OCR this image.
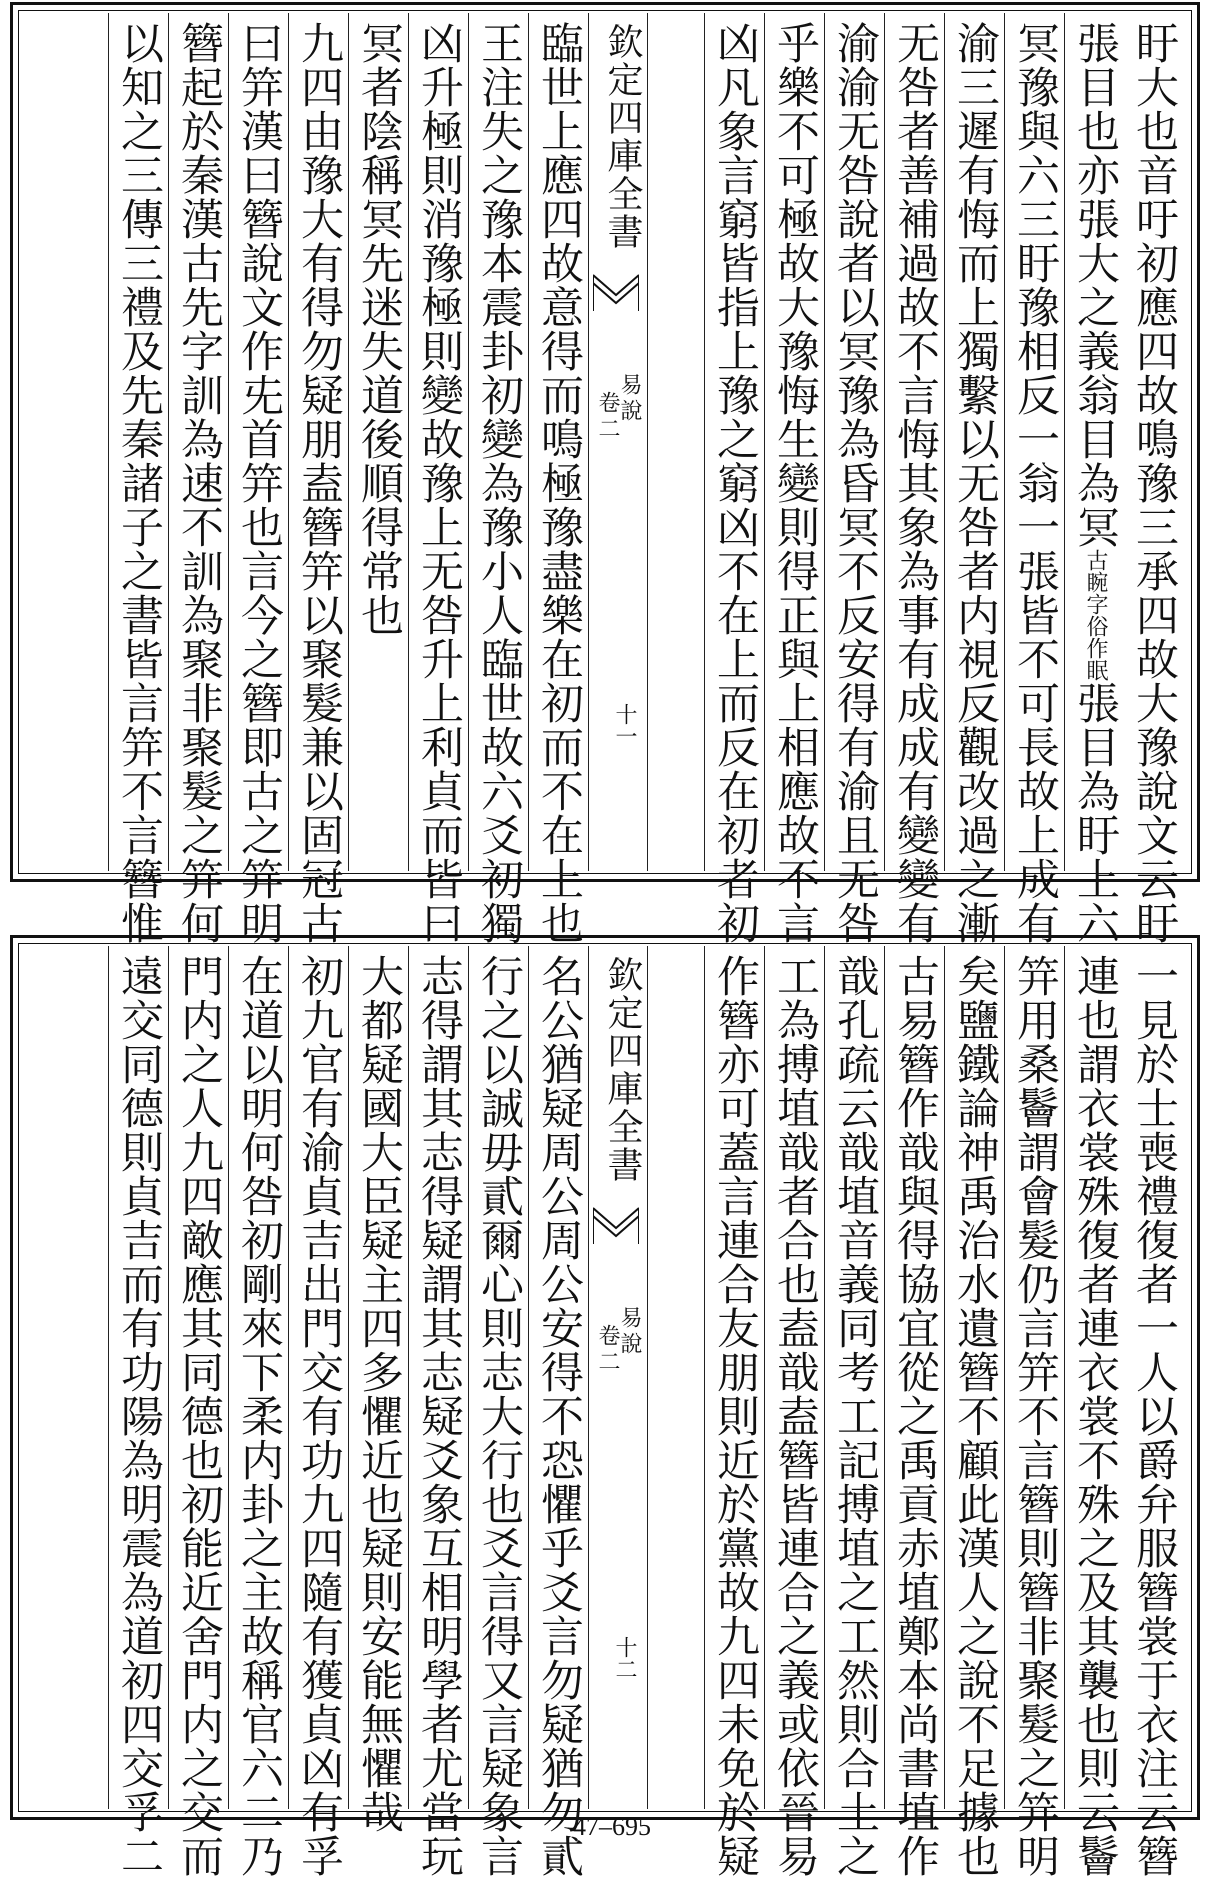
盱大也音吁初應四故鳴豫三承四故大豫說文云盱
張目也亦張大之義翁目為冥古睕字俗作眠張目為盱上六
冥豫與六三盱豫相反一翁一張皆不可長故上成有
渝三遲有悔而上獨繫以无咎者内視反觀改過之漸
无咎者善補過故不言悔其象為事有成成有變變有
渝渝无咎說者以冥豫為昏冥不反安得有渝且无咎
乎樂不可極故大豫悔生變則得正與上相應故不言
凶凡象言窮皆指上豫之窮凶不在上而反在初者初
欽定四庫全書
易說
卷二
十一
臨世上應四故意得而鳴極豫盡樂在初而不在上也
王注失之豫本震卦初變為豫小人臨世故六爻初獨
凶升極則消豫極則變故豫上无咎升上利貞而皆曰
冥者陰稱冥先迷失道後順得常也
九四由豫大有得勿疑朋盍簪笄以聚髮兼以固冠古
曰笄漢曰簪說文作兂首笄也言今之簪即古之笄明
簪起於秦漢古先字訓為速不訓為聚非聚髮之笄何
以知之三傳三禮及先秦諸子之書皆言笄不言簪惟
一見於士喪禮復者一人以爵弁服簪裳于衣注云簪
連也謂衣裳殊復者連衣裳不殊之及其襲也則云鬠
笄用桑鬠謂會髮仍言笄不言簪則簪非聚髮之笄明
矣鹽鐵論神禹治水遺簪不顧此漢人之說不足據也
古易簪作戠與得協宜從之禹貢赤埴鄭本尚書埴作
戠孔疏云戠埴音義同考工記搏埴之工然則合土之
工為搏埴戠者合也盍戠盍簪皆連合之義或依晉易
作簪亦可蓋言連合友朋則近於黨故九四未免於疑
欽定四庫全書
易說
卷二
十二
名公猶疑周公周公安得不恐懼乎爻言勿疑猶勿貳
行之以誠毋貳爾心則志大行也爻言得又言疑象言
志得謂其志得疑謂其志疑爻象互相明學者尤當玩
大都疑國大臣疑主四多懼近也疑則安能無懼哉
初九官有渝貞吉出門交有功九四隨有獲貞凶有孚
在道以明何咎初剛來下柔内卦之主故稱官六二乃
門内之人九四敵應其同德也初能近舍門内之交而
遠交同德則貞吉而有功陽為明震為道初四交孚二	47–695
